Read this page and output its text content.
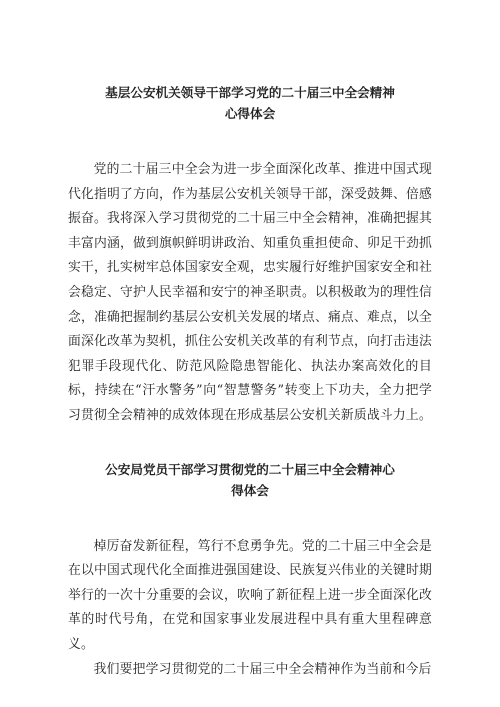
基层公安机关领导干部学习党的二十届三中全会精神
心得体会

党的二十届三中全会为进一步全面深化改革、推进中国式现代化指明了方向，作为基层公安机关领导干部，深受鼓舞、倍感振奋。我将深入学习贯彻党的二十届三中全会精神，准确把握其丰富内涵，做到旗帜鲜明讲政治、知重负重担使命、卯足干劲抓实干，扎实树牢总体国家安全观，忠实履行好维护国家安全和社会稳定、守护人民幸福和安宁的神圣职责。以积极敢为的理性信念，准确把握制约基层公安机关发展的堵点、痛点、难点，以全面深化改革为契机，抓住公安机关改革的有利节点，向打击违法犯罪手段现代化、防范风险隐患智能化、执法办案高效化的目标，持续在“汗水警务”向“智慧警务”转变上下功夫，全力把学习贯彻全会精神的成效体现在形成基层公安机关新质战斗力上。

公安局党员干部学习贯彻党的二十届三中全会精神心
得体会

棹厉奋发新征程，笃行不怠勇争先。党的二十届三中全会是在以中国式现代化全面推进强国建设、民族复兴伟业的关键时期举行的一次十分重要的会议，吹响了新征程上进一步全面深化改革的时代号角，在党和国家事业发展进程中具有重大里程碑意义。

我们要把学习贯彻党的二十届三中全会精神作为当前和今后
